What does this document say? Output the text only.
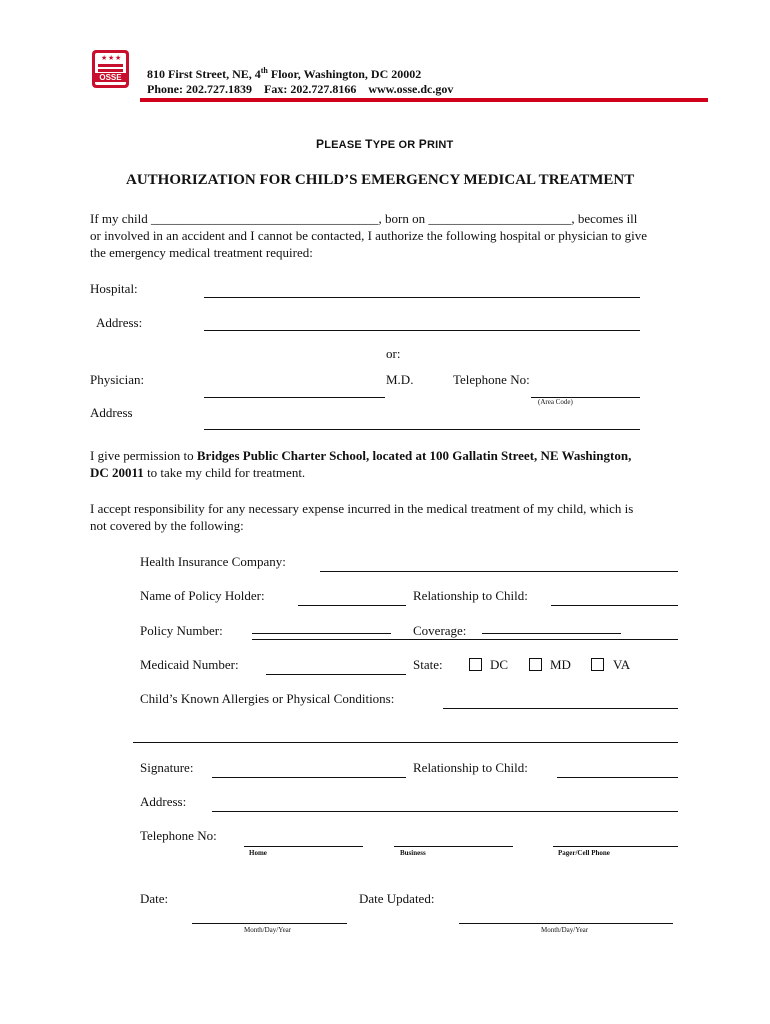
★ ★ ★
OSSE	810 First Street, NE, 4th Floor, Washington, DC 20002
Phone: 202.727.1839    Fax: 202.727.8166    www.osse.dc.gov
PLEASE TYPE OR PRINT
AUTHORIZATION FOR CHILD’S EMERGENCY MEDICAL TREATMENT
If my child ___________________________________, born on ______________________, becomes ill
or involved in an accident and I cannot be contacted, I authorize the following hospital or physician to give
the emergency medical treatment required:
Hospital:
Address:
or:
Physician:	M.D.	Telephone No:
(Area Code)
Address
I give permission to Bridges Public Charter School, located at 100 Gallatin Street, NE Washington,
DC 20011 to take my child for treatment.
I accept responsibility for any necessary expense incurred in the medical treatment of my child, which is
not covered by the following:
Health Insurance Company:
Name of Policy Holder:	Relationship to Child:
Policy Number:	Coverage:
Medicaid Number:	State:	DC	MD	VA
Child’s Known Allergies or Physical Conditions:
Signature:	Relationship to Child:
Address:
Telephone No:
Home	Business	Pager/Cell Phone
Date:
Month/Day/Year
Date Updated:
Month/Day/Year
